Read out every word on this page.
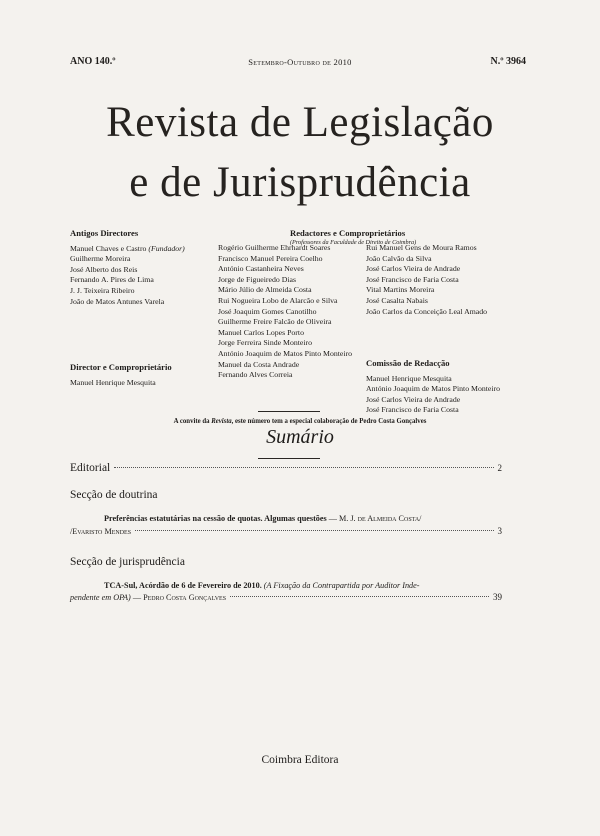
ANO 140.º	Setembro-Outubro de 2010	N.º 3964
Revista de Legislação
e de Jurisprudência
Antigos Directores
Manuel Chaves e Castro (Fundador)
Guilherme Moreira
José Alberto dos Reis
Fernando A. Pires de Lima
J. J. Teixeira Ribeiro
João de Matos Antunes Varela
Redactores e Comproprietários
(Professores da Faculdade de Direito de Coimbra)
Rogério Guilherme Ehrhardt Soares
Francisco Manuel Pereira Coelho
António Castanheira Neves
Jorge de Figueiredo Dias
Mário Júlio de Almeida Costa
Rui Nogueira Lobo de Alarcão e Silva
José Joaquim Gomes Canotilho
Guilherme Freire Falcão de Oliveira
Manuel Carlos Lopes Porto
Jorge Ferreira Sinde Monteiro
António Joaquim de Matos Pinto Monteiro
Manuel da Costa Andrade
Fernando Alves Correia
Rui Manuel Gens de Moura Ramos
João Calvão da Silva
José Carlos Vieira de Andrade
José Francisco de Faria Costa
Vital Martins Moreira
José Casalta Nabais
João Carlos da Conceição Leal Amado
Director e Comproprietário
Manuel Henrique Mesquita
Comissão de Redacção
Manuel Henrique Mesquita
António Joaquim de Matos Pinto Monteiro
José Carlos Vieira de Andrade
José Francisco de Faria Costa
A convite da Revista, este número tem a especial colaboração de Pedro Costa Gonçalves
Sumário
Editorial	2
Secção de doutrina
Preferências estatutárias na cessão de quotas. Algumas questões — M. J. de Almeida Costa/
/Evaristo Mendes	3
Secção de jurisprudência
TCA-Sul, Acórdão de 6 de Fevereiro de 2010. (A Fixação da Contrapartida por Auditor Inde-
pendente em OPA) — Pedro Costa Gonçalves	39
Coimbra Editora
